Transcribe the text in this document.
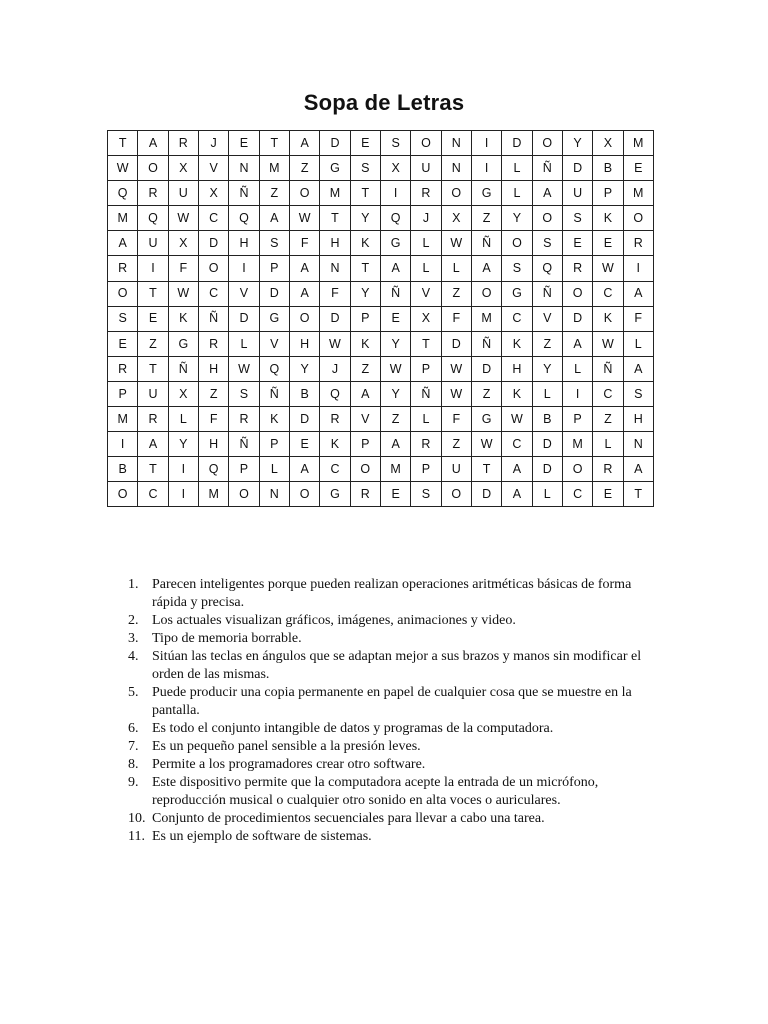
Sopa de Letras
T	A	R	J	E	T	A	D	E	S	O	N	I	D	O	Y	X	M
W	O	X	V	N	M	Z	G	S	X	U	N	I	L	Ñ	D	B	E
Q	R	U	X	Ñ	Z	O	M	T	I	R	O	G	L	A	U	P	M
M	Q	W	C	Q	A	W	T	Y	Q	J	X	Z	Y	O	S	K	O
A	U	X	D	H	S	F	H	K	G	L	W	Ñ	O	S	E	E	R
R	I	F	O	I	P	A	N	T	A	L	L	A	S	Q	R	W	I
O	T	W	C	V	D	A	F	Y	Ñ	V	Z	O	G	Ñ	O	C	A
S	E	K	Ñ	D	G	O	D	P	E	X	F	M	C	V	D	K	F
E	Z	G	R	L	V	H	W	K	Y	T	D	Ñ	K	Z	A	W	L
R	T	Ñ	H	W	Q	Y	J	Z	W	P	W	D	H	Y	L	Ñ	A
P	U	X	Z	S	Ñ	B	Q	A	Y	Ñ	W	Z	K	L	I	C	S
M	R	L	F	R	K	D	R	V	Z	L	F	G	W	B	P	Z	H
I	A	Y	H	Ñ	P	E	K	P	A	R	Z	W	C	D	M	L	N
B	T	I	Q	P	L	A	C	O	M	P	U	T	A	D	O	R	A
O	C	I	M	O	N	O	G	R	E	S	O	D	A	L	C	E	T
1. Parecen inteligentes porque pueden realizan operaciones aritméticas básicas de forma rápida y precisa.
2. Los actuales visualizan gráficos, imágenes, animaciones y video.
3. Tipo de memoria borrable.
4. Sitúan las teclas en ángulos que se adaptan mejor a sus brazos y manos sin modificar el orden de las mismas.
5. Puede producir una copia permanente en papel de cualquier cosa que se muestre en la pantalla.
6. Es todo el conjunto intangible de datos y programas de la computadora.
7. Es un pequeño panel sensible a la presión leves.
8. Permite a los programadores crear otro software.
9. Este dispositivo permite que la computadora acepte la entrada de un micrófono, reproducción musical o cualquier otro sonido en alta voces o auriculares.
10. Conjunto de procedimientos secuenciales para llevar a cabo una tarea.
11. Es un ejemplo de software de sistemas.
